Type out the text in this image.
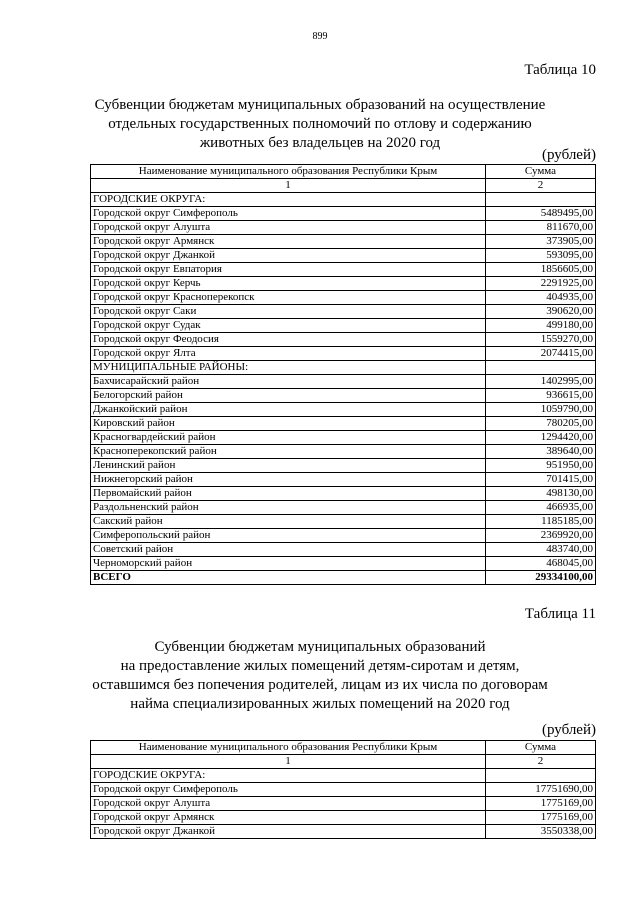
899
Таблица 10
Субвенции бюджетам муниципальных образований на осуществление
отдельных государственных полномочий по отлову и содержанию
животных без владельцев на 2020 год
(рублей)
Наименование муниципального образования Республики Крым	Сумма
1	2
ГОРОДСКИЕ ОКРУГА:	
Городской округ Симферополь	5489495,00
Городской округ Алушта	811670,00
Городской округ Армянск	373905,00
Городской округ Джанкой	593095,00
Городской округ Евпатория	1856605,00
Городской округ Керчь	2291925,00
Городской округ Красноперекопск	404935,00
Городской округ Саки	390620,00
Городской округ Судак	499180,00
Городской округ Феодосия	1559270,00
Городской округ Ялта	2074415,00
МУНИЦИПАЛЬНЫЕ РАЙОНЫ:	
Бахчисарайский район	1402995,00
Белогорский район	936615,00
Джанкойский район	1059790,00
Кировский район	780205,00
Красногвардейский район	1294420,00
Красноперекопский район	389640,00
Ленинский район	951950,00
Нижнегорский район	701415,00
Первомайский район	498130,00
Раздольненский район	466935,00
Сакский район	1185185,00
Симферопольский район	2369920,00
Советский район	483740,00
Черноморский район	468045,00
ВСЕГО	29334100,00
Таблица 11
Субвенции бюджетам муниципальных образований
на предоставление жилых помещений детям-сиротам и детям,
оставшимся без попечения родителей, лицам из их числа по договорам
найма специализированных жилых помещений на 2020 год
(рублей)
Наименование муниципального образования Республики Крым	Сумма
1	2
ГОРОДСКИЕ ОКРУГА:	
Городской округ Симферополь	17751690,00
Городской округ Алушта	1775169,00
Городской округ Армянск	1775169,00
Городской округ Джанкой	3550338,00
